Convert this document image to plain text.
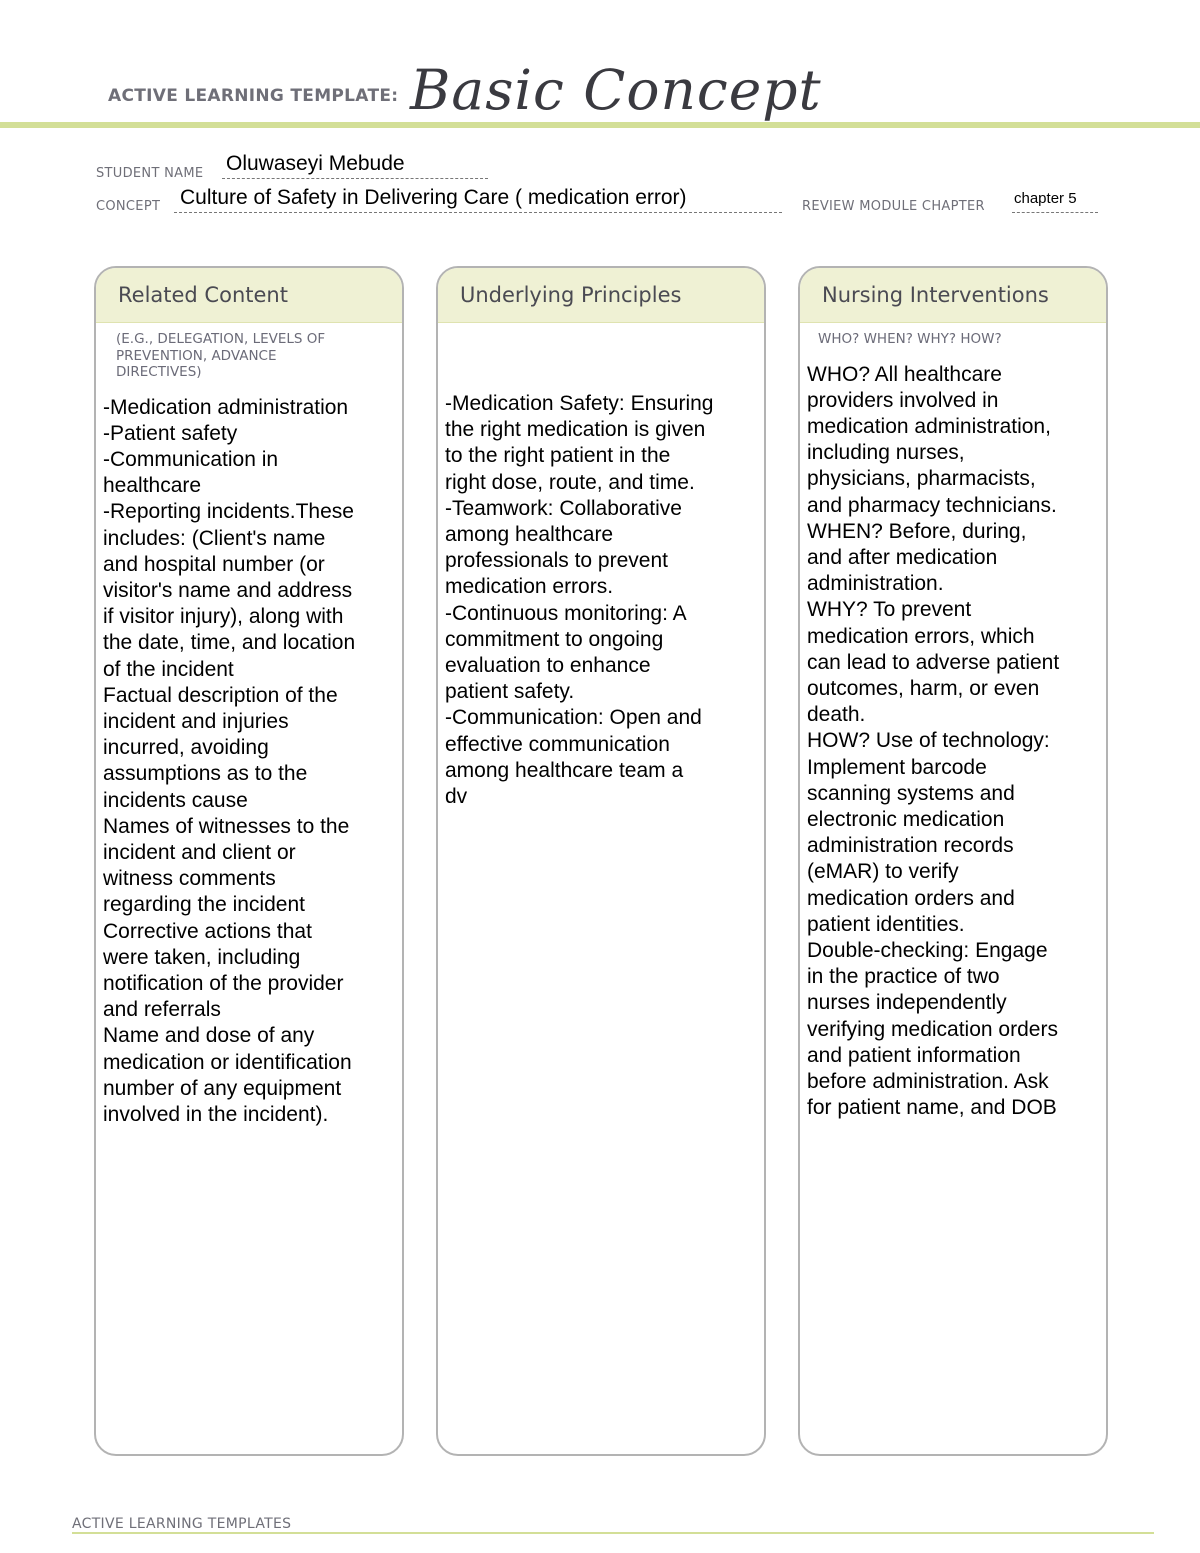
ACTIVE LEARNING TEMPLATE: Basic Concept
STUDENT NAME Oluwaseyi Mebude
CONCEPT Culture of Safety in Delivering Care ( medication error)	REVIEW MODULE CHAPTER chapter 5
Related Content
(E.G., DELEGATION, LEVELS OF PREVENTION, ADVANCE DIRECTIVES)
-Medication administration
-Patient safety
-Communication in
healthcare
-Reporting incidents.These
includes: (Client's name
and hospital number (or
visitor's name and address
if visitor injury), along with
the date, time, and location
of the incident
Factual description of the
incident and injuries
incurred, avoiding
assumptions as to the
incidents cause
Names of witnesses to the
incident and client or
witness comments
regarding the incident
Corrective actions that
were taken, including
notification of the provider
and referrals
Name and dose of any
medication or identification
number of any equipment
involved in the incident).
Underlying Principles
-Medication Safety: Ensuring
the right medication is given
to the right patient in the
right dose, route, and time.
-Teamwork: Collaborative
among healthcare
professionals to prevent
medication errors.
-Continuous monitoring: A
commitment to ongoing
evaluation to enhance
patient safety.
-Communication: Open and
effective communication
among healthcare team a
dv
Nursing Interventions
WHO? WHEN? WHY? HOW?
WHO? All healthcare
providers involved in
medication administration,
including nurses,
physicians, pharmacists,
and pharmacy technicians.
WHEN? Before, during,
and after medication
administration.
WHY? To prevent
medication errors, which
can lead to adverse patient
outcomes, harm, or even
death.
HOW? Use of technology:
Implement barcode
scanning systems and
electronic medication
administration records
(eMAR) to verify
medication orders and
patient identities.
Double-checking: Engage
in the practice of two
nurses independently
verifying medication orders
and patient information
before administration. Ask
for patient name, and DOB
ACTIVE LEARNING TEMPLATES
